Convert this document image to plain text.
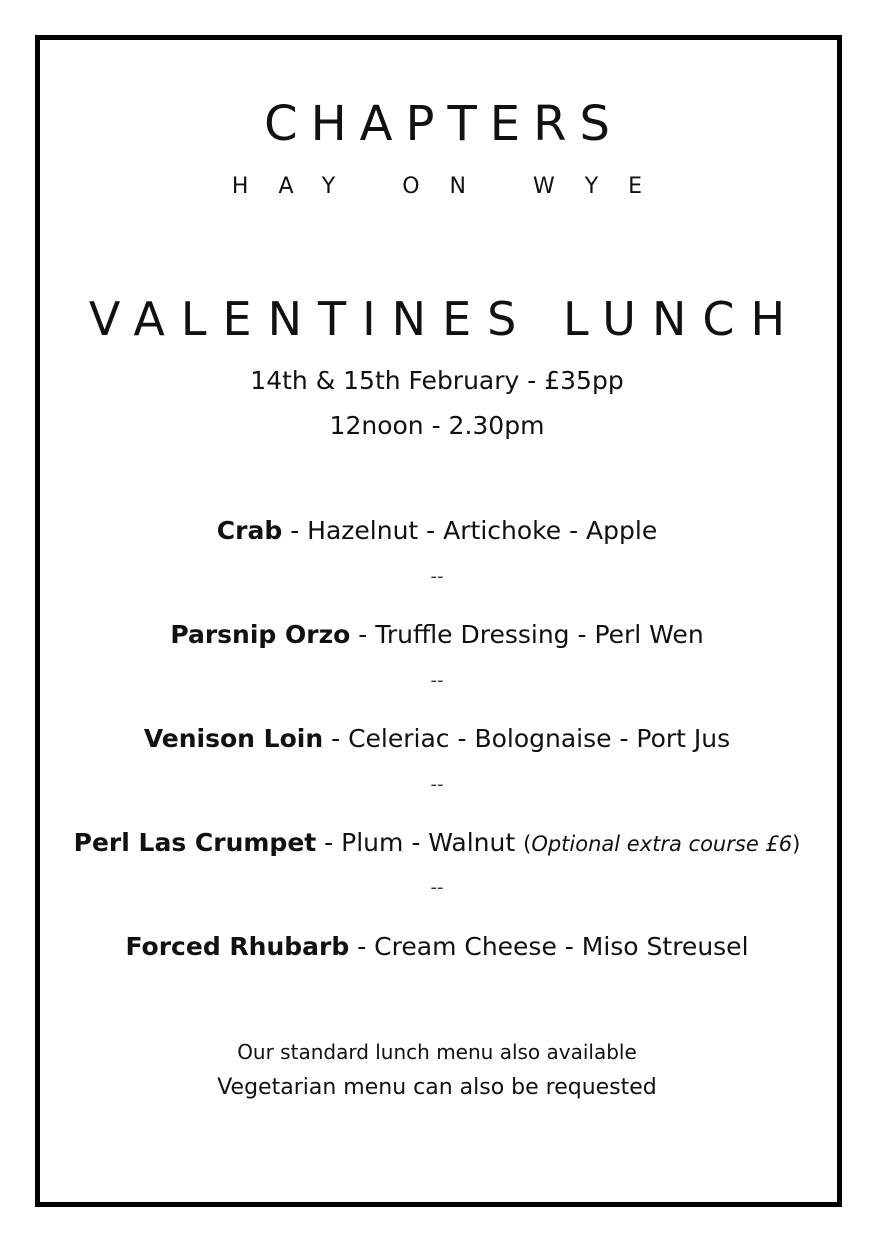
CHAPTERS
HAY ON WYE
VALENTINES LUNCH
14th & 15th February - £35pp
12noon - 2.30pm
Crab - Hazelnut - Artichoke - Apple
--
Parsnip Orzo - Truffle Dressing - Perl Wen
--
Venison Loin - Celeriac - Bolognaise - Port Jus
--
Perl Las Crumpet - Plum - Walnut (Optional extra course £6)
--
Forced Rhubarb - Cream Cheese - Miso Streusel
Our standard lunch menu also available
Vegetarian menu can also be requested
